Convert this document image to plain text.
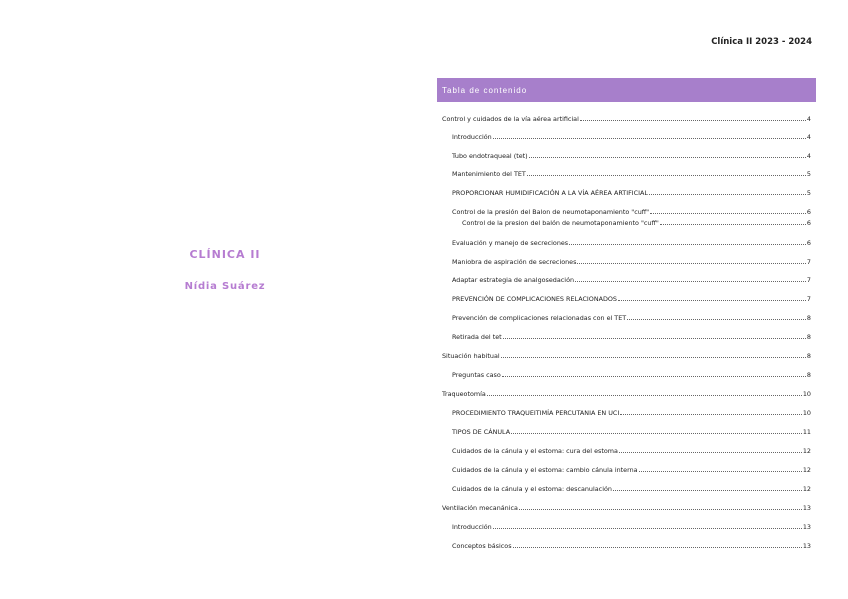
Clínica II 2023 - 2024
CLÍNICA II
Nídia Suárez
Tabla de contenido
Control y cuidados de la vía aérea artificial	4
Introducción	4
Tubo endotraqueal (tet)	4
Mantenimiento del TET	5
PROPORCIONAR HUMIDIFICACIÓN A LA VÍA AÉREA ARTIFICIAL	5
Control de la presión del Balon de neumotaponamiento "cuff"	6
Control de la presion del balón de neumotaponamiento "cuff"	6
Evaluación y manejo de secreciones	6
Maniobra de aspiración de secreciones	7
Adaptar estrategia de analgosedación	7
PREVENCIÓN DE COMPLICACIONES RELACIONADOS	7
Prevención de complicaciones relacionadas con el TET	8
Retirada del tet	8
Situación habitual	8
Preguntas caso	8
Traqueotomía	10
PROCEDIMIENTO TRAQUEITIMÍA PERCUTANIA EN UCI	10
TIPOS DE CÁNULA	11
Cuidados de la cánula y el estoma: cura del estoma	12
Cuidados de la cánula y el estoma: cambio cánula interna	12
Cuidados de la cánula y el estoma: descanulación	12
Ventilación mecanánica	13
Introducción	13
Conceptos básicos	13
